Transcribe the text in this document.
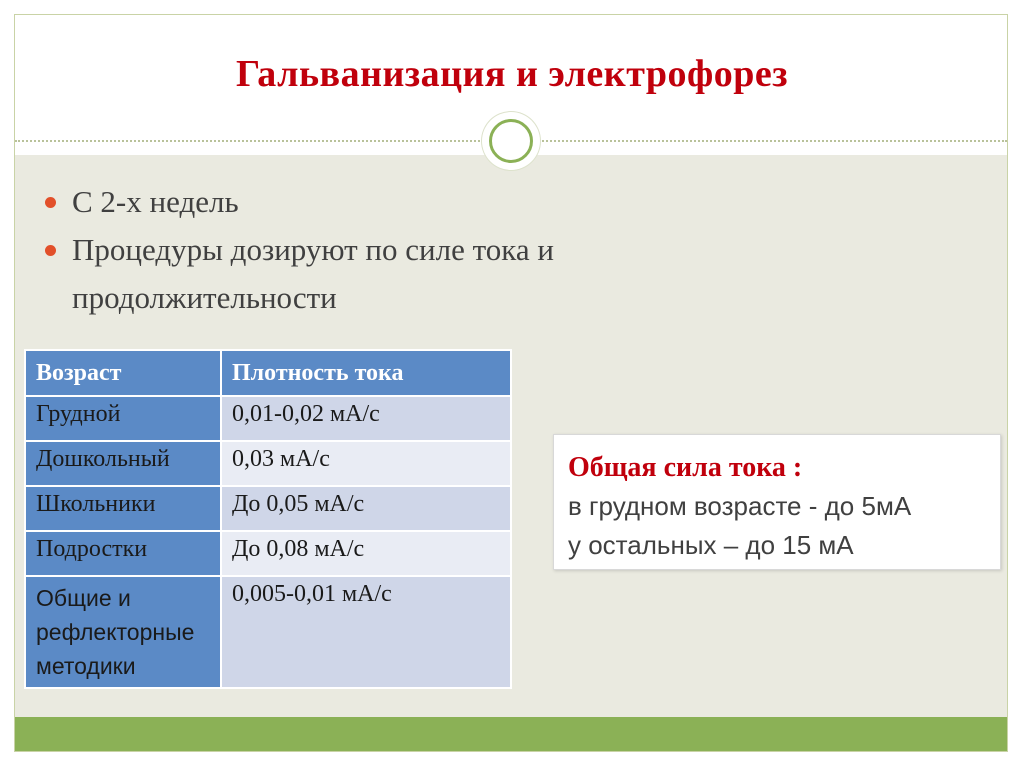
Гальванизация и электрофорез
С 2-х недель
Процедуры дозируют по силе тока и продолжительности
Возраст	Плотность тока
Грудной	0,01-0,02 мА/с
Дошкольный	0,03 мА/с
Школьники	До 0,05 мА/с
Подростки	До 0,08 мА/с
Общие и рефлекторные методики	0,005-0,01 мА/с
Общая сила тока :
в грудном возрасте - до 5мА
у остальных – до 15 мА
